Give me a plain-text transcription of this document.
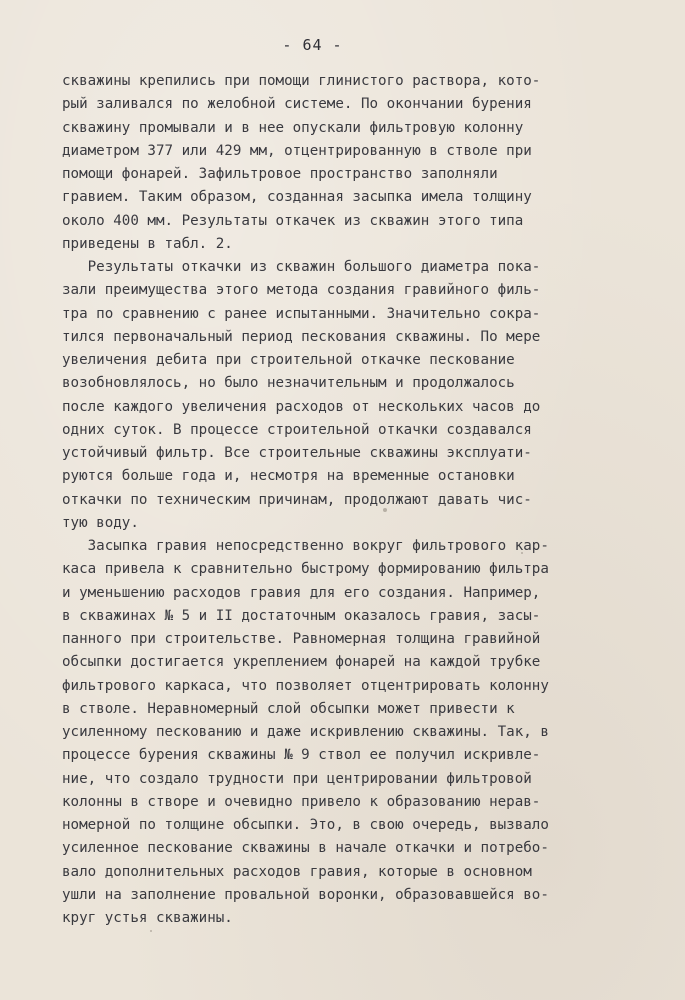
- 64 -
скважины крепились при помощи глинистого раствора, кото-
рый заливался по желобной системе. По окончании бурения
скважину промывали и в нее опускали фильтровую колонну
диаметром 377 или 429 мм, отцентрированную в стволе при
помощи фонарей. Зафильтровое пространство заполняли
гравием. Таким образом, созданная засыпка имела толщину
около 400 мм. Результаты откачек из скважин этого типа
приведены в табл. 2.
Результаты откачки из скважин большого диаметра пока-
зали преимущества этого метода создания гравийного филь-
тра по сравнению с ранее испытанными. Значительно сокра-
тился первоначальный период пескования скважины. По мере
увеличения дебита при строительной откачке пескование
возобновлялось, но было незначительным и продолжалось
после каждого увеличения расходов от нескольких часов до
одних суток. В процессе строительной откачки создавался
устойчивый фильтр. Все строительные скважины эксплуати-
руются больше года и, несмотря на временные остановки
откачки по техническим причинам, продолжают давать чис-
тую воду.
Засыпка гравия непосредственно вокруг фильтрового кар-
каса привела к сравнительно быстрому формированию фильтра
и уменьшению расходов гравия для его создания. Например,
в скважинах № 5 и II достаточным оказалось гравия, засы-
панного при строительстве. Равномерная толщина гравийной
обсыпки достигается укреплением фонарей на каждой трубке
фильтрового каркаса, что позволяет отцентрировать колонну
в стволе. Неравномерный слой обсыпки может привести к
усиленному пескованию и даже искривлению скважины. Так, в
процессе бурения скважины № 9 ствол ее получил искривле-
ние, что создало трудности при центрировании фильтровой
колонны в створе и очевидно привело к образованию нерав-
номерной по толщине обсыпки. Это, в свою очередь, вызвало
усиленное пескование скважины в начале откачки и потребо-
вало дополнительных расходов гравия, которые в основном
ушли на заполнение провальной воронки, образовавшейся во-
круг устья скважины.
